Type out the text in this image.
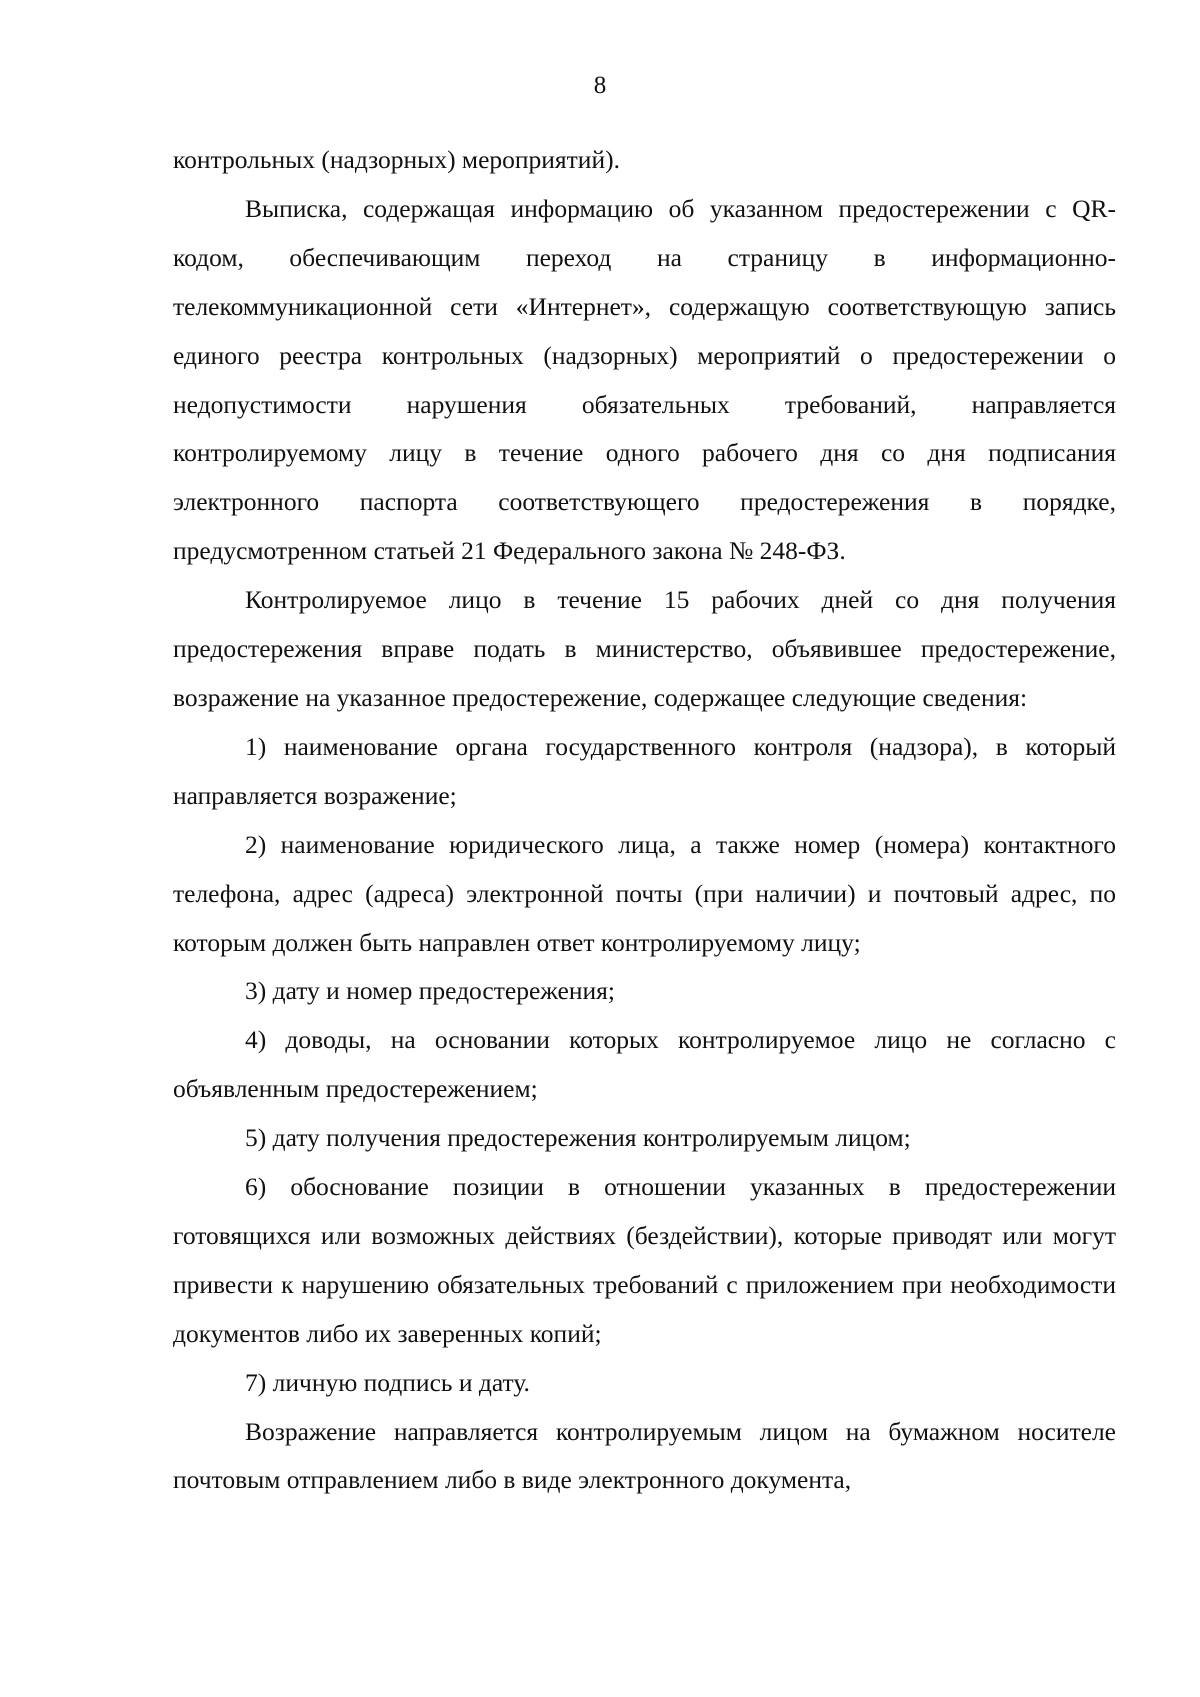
8

контрольных (надзорных) мероприятий).

Выписка, содержащая информацию об указанном предостережении с QR-кодом, обеспечивающим переход на страницу в информационно-телекоммуникационной сети «Интернет», содержащую соответствующую запись единого реестра контрольных (надзорных) мероприятий о предостережении о недопустимости нарушения обязательных требований, направляется контролируемому лицу в течение одного рабочего дня со дня подписания электронного паспорта соответствующего предостережения в порядке, предусмотренном статьей 21 Федерального закона № 248-ФЗ.

Контролируемое лицо в течение 15 рабочих дней со дня получения предостережения вправе подать в министерство, объявившее предостережение, возражение на указанное предостережение, содержащее следующие сведения:

1) наименование органа государственного контроля (надзора), в который направляется возражение;

2) наименование юридического лица, а также номер (номера) контактного телефона, адрес (адреса) электронной почты (при наличии) и почтовый адрес, по которым должен быть направлен ответ контролируемому лицу;

3) дату и номер предостережения;

4) доводы, на основании которых контролируемое лицо не согласно с объявленным предостережением;

5) дату получения предостережения контролируемым лицом;

6) обоснование позиции в отношении указанных в предостережении готовящихся или возможных действиях (бездействии), которые приводят или могут привести к нарушению обязательных требований с приложением при необходимости документов либо их заверенных копий;

7) личную подпись и дату.

Возражение направляется контролируемым лицом на бумажном носителе почтовым отправлением либо в виде электронного документа,
